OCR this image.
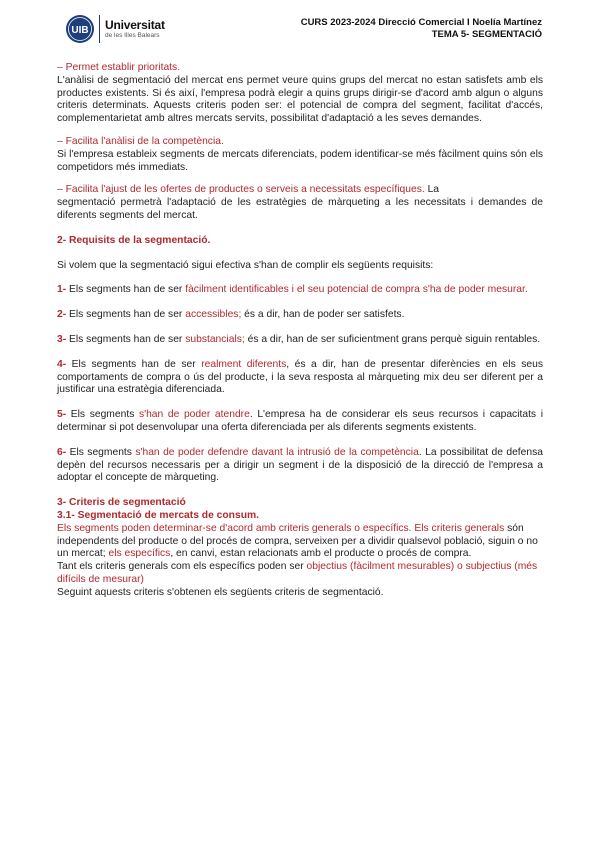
UIB Universitat
de les Illes Balears
CURS 2023-2024 Direcció Comercial I Noelía Martínez
TEMA 5- SEGMENTACIÓ

– Permet establir prioritats.

L'anàlisi de segmentació del mercat ens permet veure quins grups del mercat no estan satisfets amb els productes existents. Si és així, l'empresa podrà elegir a quins grups dirigir-se d'acord amb algun o alguns criteris determinats. Aquests criteris poden ser: el potencial de compra del segment, facilitat d'accés, complementarietat amb altres mercats servits, possibilitat d'adaptació a les seves demandes.

– Facilita l'anàlisi de la competència.

Si l'empresa estableix segments de mercats diferenciats, podem identificar-se més fàcilment quins són els competidors més immediats.

– Facilita l'ajust de les ofertes de productes o serveis a necessitats específiques. La

segmentació permetrà l'adaptació de les estratègies de màrqueting a les necessitats i demandes de diferents segments del mercat.

2- Requisits de la segmentació.

Si volem que la segmentació sigui efectiva s'han de complir els següents requisits:

1- Els segments han de ser fàcilment identificables i el seu potencial de compra s'ha de poder mesurar.

2- Els segments han de ser accessibles; és a dir, han de poder ser satisfets.

3- Els segments han de ser substancials; és a dir, han de ser suficientment grans perquè siguin rentables.

4- Els segments han de ser realment diferents, és a dir, han de presentar diferències en els seus comportaments de compra o ús del producte, i la seva resposta al màrqueting mix deu ser diferent per a justificar una estratègia diferenciada.

5- Els segments s'han de poder atendre. L'empresa ha de considerar els seus recursos i capacitats i determinar si pot desenvolupar una oferta diferenciada per als diferents segments existents.

6- Els segments s'han de poder defendre davant la intrusió de la competència. La possibilitat de defensa depèn del recursos necessaris per a dirigir un segment i de la disposició de la direcció de l'empresa a adoptar el concepte de màrqueting.

3- Criteris de segmentació

3.1- Segmentació de mercats de consum.

Els segments poden determinar-se d'acord amb criteris generals o específics. Els criteris generals són independents del producte o del procés de compra, serveixen per a dividir qualsevol població, siguin o no un mercat; els específics, en canvi, estan relacionats amb el producte o procés de compra.

Tant els criteris generals com els específics poden ser objectius (fàcilment mesurables) o subjectius (més difícils de mesurar)

Seguint aquests criteris s'obtenen els següents criteris de segmentació.
